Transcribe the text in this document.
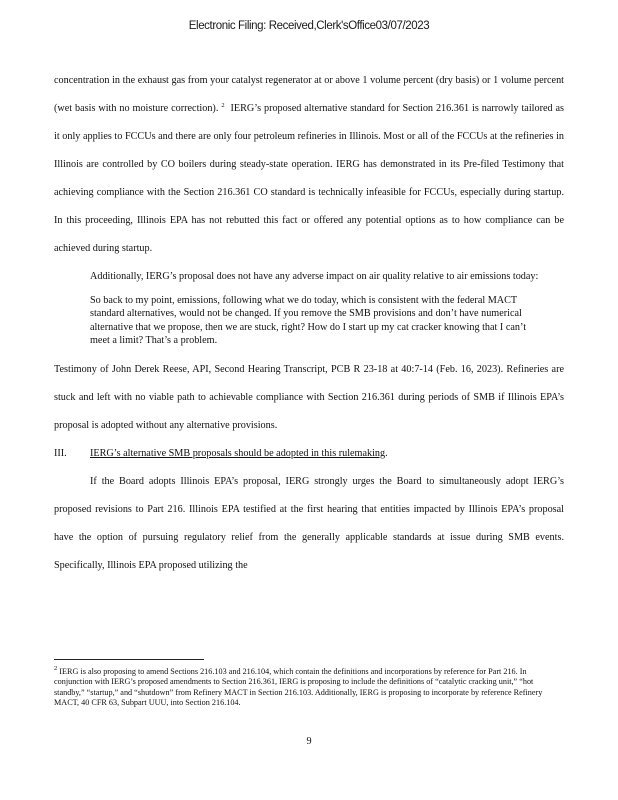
Electronic Filing: Received,Clerk'sOffice03/07/2023

concentration in the exhaust gas from your catalyst regenerator at or above 1 volume percent (dry basis) or 1 volume percent (wet basis with no moisture correction). $^2$ IERG’s proposed alternative standard for Section 216.361 is narrowly tailored as it only applies to FCCUs and there are only four petroleum refineries in Illinois. Most or all of the FCCUs at the refineries in Illinois are controlled by CO boilers during steady-state operation. IERG has demonstrated in its Pre-filed Testimony that achieving compliance with the Section 216.361 CO standard is technically infeasible for FCCUs, especially during startup. In this proceeding, Illinois EPA has not rebutted this fact or offered any potential options as to how compliance can be achieved during startup.

Additionally, IERG’s proposal does not have any adverse impact on air quality relative to air emissions today:

So back to my point, emissions, following what we do today, which is consistent with the federal MACT standard alternatives, would not be changed. If you remove the SMB provisions and don’t have numerical alternative that we propose, then we are stuck, right? How do I start up my cat cracker knowing that I can’t meet a limit? That’s a problem.

Testimony of John Derek Reese, API, Second Hearing Transcript, PCB R 23-18 at 40:7-14 (Feb. 16, 2023). Refineries are stuck and left with no viable path to achievable compliance with Section 216.361 during periods of SMB if Illinois EPA’s proposal is adopted without any alternative provisions.

III.	IERG’s alternative SMB proposals should be adopted in this rulemaking.

If the Board adopts Illinois EPA’s proposal, IERG strongly urges the Board to simultaneously adopt IERG’s proposed revisions to Part 216. Illinois EPA testified at the first hearing that entities impacted by Illinois EPA’s proposal have the option of pursuing regulatory relief from the generally applicable standards at issue during SMB events. Specifically, Illinois EPA proposed utilizing the

$^2$ IERG is also proposing to amend Sections 216.103 and 216.104, which contain the definitions and incorporations by reference for Part 216. In conjunction with IERG’s proposed amendments to Section 216.361, IERG is proposing to include the definitions of “catalytic cracking unit,” “hot standby,” “startup,” and “shutdown” from Refinery MACT in Section 216.103. Additionally, IERG is proposing to incorporate by reference Refinery MACT, 40 CFR 63, Subpart UUU, into Section 216.104.
9
